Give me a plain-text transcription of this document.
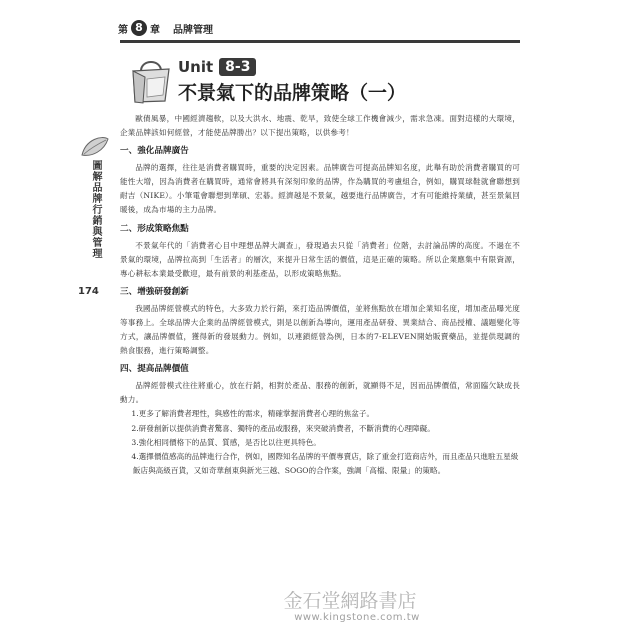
第 8 章 品牌管理
Unit 8-3
不景氣下的品牌策略（一）
圖解品牌行銷與管理
174

歐債風暴，中國經濟趨軟，以及大洪水、地震、乾旱，致使全球工作機會減少，需求急凍。面對這樣的大環境，企業品牌該如何經營，才能使品牌勝出？以下提出策略，以供參考！

一、強化品牌廣告

品牌的選擇，往往是消費者購買時，重要的決定因素。品牌廣告可提高品牌知名度，此舉有助於消費者購買的可能性大增，因為消費者在購買時，通常會將具有深刻印象的品牌，作為購買的考慮組合，例如，購買球鞋就會聯想到耐吉（NIKE）。小筆電會聯想到華碩、宏碁。經濟越是不景氣，越要進行品牌廣告，才有可能維持業績，甚至景氣回暖後，成為市場的主力品牌。

二、形成策略焦點

不景氣年代的「消費者心目中理想品牌大調查」，發現過去只從「消費者」位階，去討論品牌的高度。不過在不景氣的環境，品牌拉高到「生活者」的層次，來提升日常生活的價值，這是正確的策略。所以企業應集中有限資源，專心耕耘本業最受歡迎，最有前景的利基產品，以形成策略焦點。

三、增強研發創新

我國品牌經營模式的特色，大多致力於行銷，來打造品牌價值，並將焦點放在增加企業知名度，增加產品曝光度等事務上。全球品牌大企業的品牌經營模式，則是以創新為導向，運用產品研發、異業結合、商品授權、議題變化等方式，讓品牌價值，獲得新的發展動力。例如，以連鎖經營為例，日本的7-ELEVEN開始販賣藥品，並提供現調的熱食服務，進行策略調整。

四、提高品牌價值

品牌經營模式往往將重心，放在行銷，相對於產品、服務的創新，就顯得不足，因而品牌價值，常面臨欠缺成長動力。

1.更多了解消費者理性，與感性的需求，精確掌握消費者心理的焦盆子。

2.研發創新以提供消費者驚喜、獨特的產品或服務，來突破消費者，不斷消費的心理障礙。

3.強化相同價格下的品質、質感，是否比以往更具特色。

4.選擇價值感高的品牌進行合作，例如，國際知名品牌的平價專賣店，除了重金打造商店外，而且產品只進駐五星級飯店與高級百貨，又如奇華創東與新光三越、SOGO的合作案，強調「高檔、限量」的策略。

金石堂網路書店
www.kingstone.com.tw
